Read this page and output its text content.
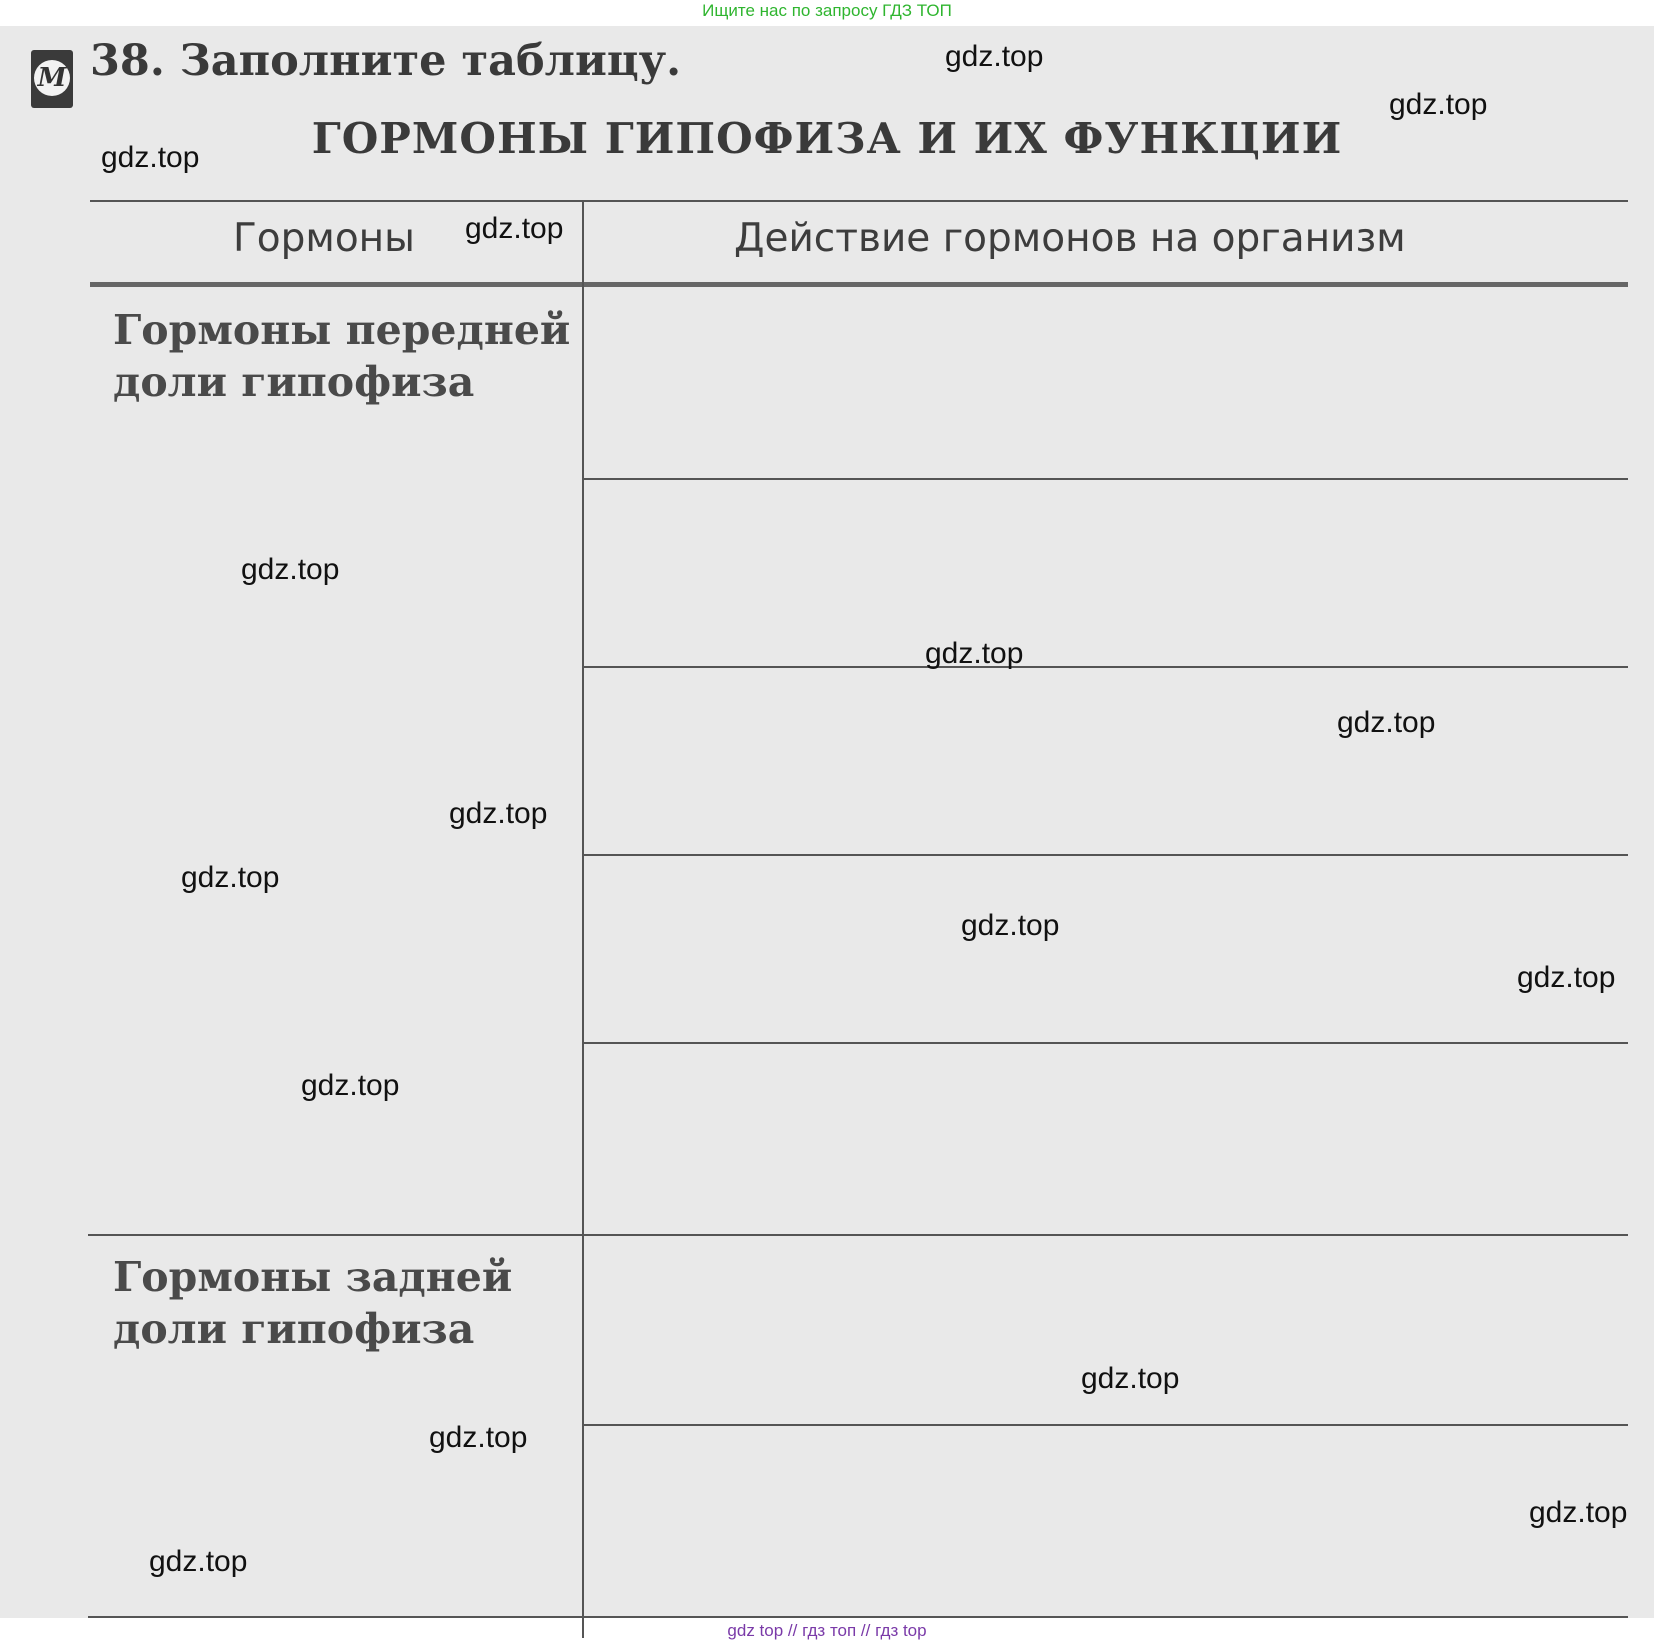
Ищите нас по запросу ГДЗ ТОП
M 38. Заполните таблицу.
ГОРМОНЫ ГИПОФИЗА И ИХ ФУНКЦИИ
Гормоны	Действие гормонов на организм
Гормоны передней
доли гипофиза
Гормоны задней
доли гипофиза
gdz.top
gdz.top
gdz.top
gdz.top
gdz.top
gdz.top
gdz.top
gdz.top
gdz.top
gdz.top
gdz.top
gdz.top
gdz.top
gdz.top
gdz.top
gdz.top
gdz top // гдз топ // гдз top
